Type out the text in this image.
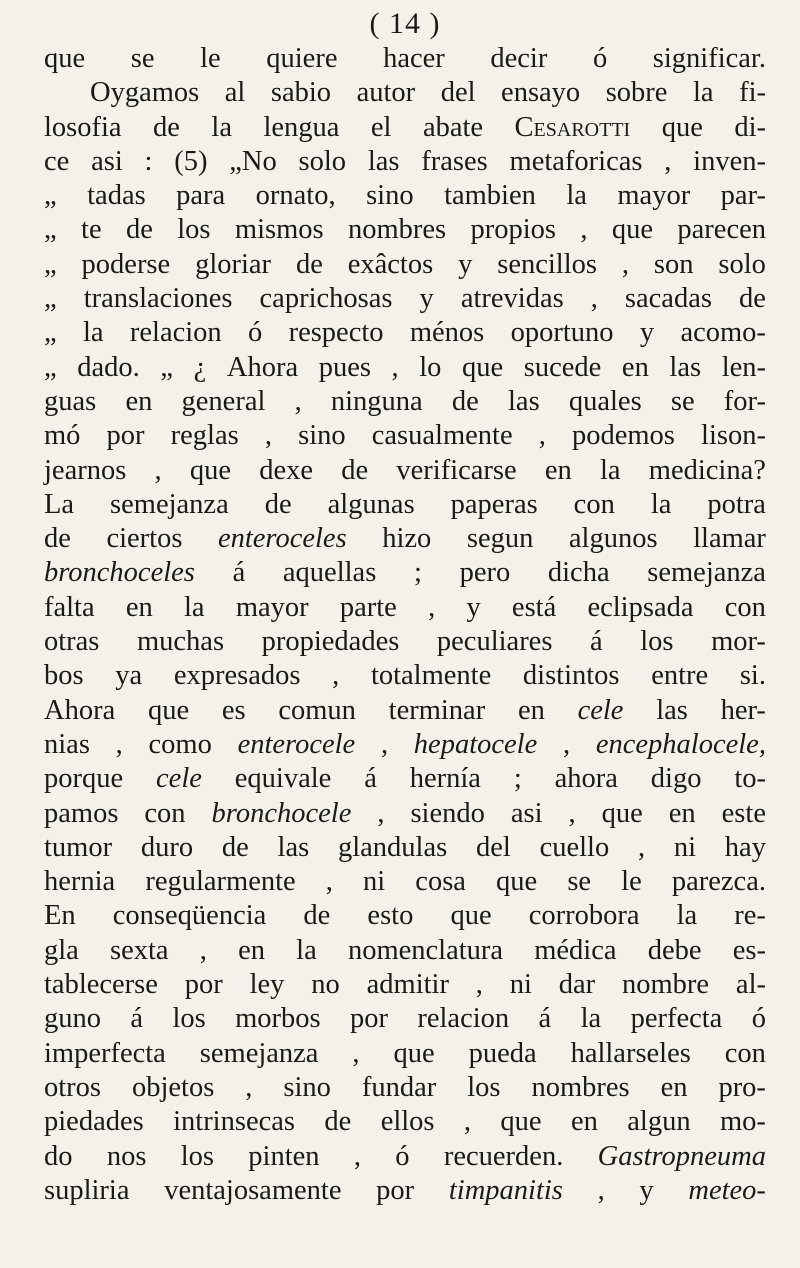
( 14 )
que se le quiere hacer decir ó significar.
Oygamos al sabio autor del ensayo sobre la fi-
losofia de la lengua el abate Cesarotti que di-
ce asi : (5) „No solo las frases metaforicas , inven-
„ tadas para ornato, sino tambien la mayor par-
„ te de los mismos nombres propios , que parecen
„ poderse gloriar de exâctos y sencillos , son solo
„ translaciones caprichosas y atrevidas , sacadas de
„ la relacion ó respecto ménos oportuno y acomo-
„ dado. „ ¿ Ahora pues , lo que sucede en las len-
guas en general , ninguna de las quales se for-
mó por reglas , sino casualmente , podemos lison-
jearnos , que dexe de verificarse en la medicina?
La semejanza de algunas paperas con la potra
de ciertos enteroceles hizo segun algunos llamar
bronchoceles á aquellas ; pero dicha semejanza
falta en la mayor parte , y está eclipsada con
otras muchas propiedades peculiares á los mor-
bos ya expresados , totalmente distintos entre si.
Ahora que es comun terminar en cele las her-
nias , como enterocele , hepatocele , encephalocele,
porque cele equivale á hernía ; ahora digo to-
pamos con bronchocele , siendo asi , que en este
tumor duro de las glandulas del cuello , ni hay
hernia regularmente , ni cosa que se le parezca.
En conseqüencia de esto que corrobora la re-
gla sexta , en la nomenclatura médica debe es-
tablecerse por ley no admitir , ni dar nombre al-
guno á los morbos por relacion á la perfecta ó
imperfecta semejanza , que pueda hallarseles con
otros objetos , sino fundar los nombres en pro-
piedades intrinsecas de ellos , que en algun mo-
do nos los pinten , ó recuerden. Gastropneuma
supliria ventajosamente por timpanitis , y meteo-
